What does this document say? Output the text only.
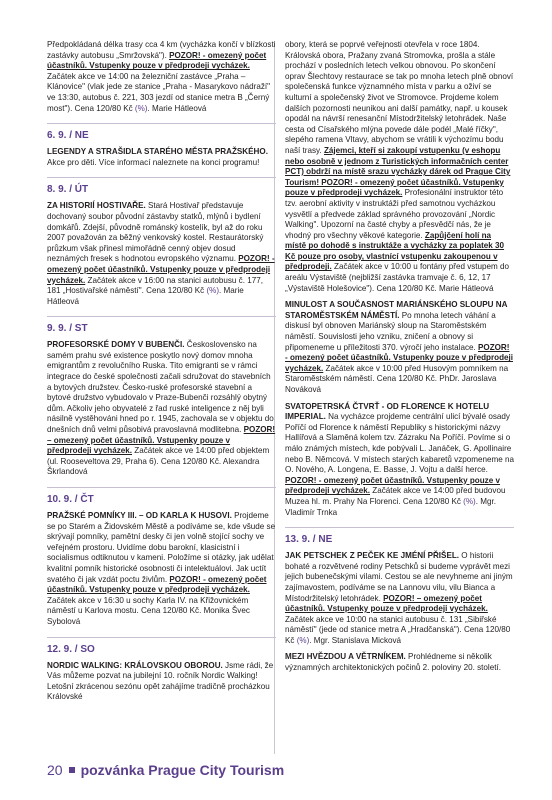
Předpokládaná délka trasy cca 4 km (vycházka končí v blízkosti zastávky autobusu „Smržovská"). POZOR! - omezený počet účastníků. Vstupenky pouze v předprodeji vycházek. Začátek akce ve 14:00 na železniční zastávce „Praha – Klánovice" (vlak jede ze stanice „Praha - Masarykovo nádraží" ve 13:30, autobus č. 221, 303 jezdí od stanice metra B „Černý most"). Cena 120/80 Kč (%). Marie Hátleová

6. 9. / NE

LEGENDY A STRAŠIDLA STARÉHO MĚSTA PRAŽSKÉHO. Akce pro děti. Více informací naleznete na konci programu!

8. 9. / ÚT

ZA HISTORIÍ HOSTIVAŘE. Stará Hostivař představuje dochovaný soubor původní zástavby statků, mlýnů i bydlení domkářů. Zdejší, původně románský kostelík, byl až do roku 2007 považován za běžný venkovský kostel. Restaurátorský průzkum však přinesl mimořádně cenný objev dosud neznámých fresek s hodnotou evropského významu. POZOR! - omezený počet účastníků. Vstupenky pouze v předprodeji vycházek. Začátek akce v 16:00 na stanici autobusu č. 177, 181 „Hostivařské náměstí". Cena 120/80 Kč (%). Marie Hátleová

9. 9. / ST

PROFESORSKÉ DOMY V BUBENČI. Československo na samém prahu své existence poskytlo nový domov mnoha emigrantům z revolučního Ruska. Tito emigranti se v rámci integrace do české společnosti začali sdružovat do stavebních a bytových družstev. Česko-ruské profesorské stavební a bytové družstvo vybudovalo v Praze-Bubenči rozsáhlý obytný dům. Ačkoliv jeho obyvatelé z řad ruské inteligence z něj byli násilně vystěhováni hned po r. 1945, zachovala se v objektu do dnešních dnů velmi působivá pravoslavná modlitebna. POZOR! – omezený počet účastníků. Vstupenky pouze v předprodeji vycházek. Začátek akce ve 14:00 před objektem (ul. Rooseveltova 29, Praha 6). Cena 120/80 Kč. Alexandra Škrlandová

10. 9. / ČT

PRAŽSKÉ POMNÍKY III. – OD KARLA K HUSOVI. Projdeme se po Starém a Židovském Městě a podíváme se, kde všude se skrývají pomníky, pamětní desky či jen volně stojící sochy ve veřejném prostoru. Uvidíme dobu barokní, klasicistní i socialismus odtiknutou v kameni. Položíme si otázky, jak udělat kvalitní pomník historické osobnosti či intelektuálovi. Jak uctít svatého či jak vzdát poctu živlům. POZOR! - omezený počet účastníků. Vstupenky pouze v předprodeji vycházek. Začátek akce v 16:30 u sochy Karla IV. na Křižovnickém náměstí u Karlova mostu. Cena 120/80 Kč. Monika Švec Sybolová

12. 9. / SO

NORDIC WALKING: KRÁLOVSKOU OBOROU. Jsme rádi, že Vás můžeme pozvat na jubilejní 10. ročník Nordic Walking! Letošní zkrácenou sezónu opět zahájíme tradičně procházkou Královské

obory, která se poprvé veřejnosti otevřela v roce 1804. Královská obora, Pražany zvaná Stromovka, prošla a stále prochází v posledních letech velkou obnovou. Po skončení oprav Šlechtovy restaurace se tak po mnoha letech plně obnoví společenská funkce významného místa v parku a oživí se kulturní a společenský život ve Stromovce. Projdeme kolem dalších pozornosti neunikou ani další památky, např. u kousek opodál na návrší renesanční Místodržitelský letohrádek. Naše cesta od Císařského mlýna povede dále podél „Malé říčky", slepého ramena Vltavy, abychom se vrátili k výchozímu bodu naší trasy. Zájemci, kteří si zakoupí vstupenku (v eshopu nebo osobně v jednom z Turistických informačních center PCT) obdrží na místě srazu vycházky dárek od Prague City Tourism! POZOR! - omezený počet účastníků. Vstupenky pouze v předprodeji vycházek. Profesionální instruktor této tzv. aerobní aktivity v instruktáži před samotnou vycházkou vysvětlí a předvede základ správného provozování „Nordic Walking". Upozorní na časté chyby a přesvědčí nás, že je vhodný pro všechny věkové kategorie. Zapůjčení holí na místě po dohodě s instruktáže a vycházky za poplatek 30 Kč pouze pro osoby, vlastnící vstupenku zakoupenou v předprodeji. Začátek akce v 10:00 u fontány před vstupem do areálu Výstaviště (nejbližší zastávka tramvaje č. 6, 12, 17 „Výstaviště Holešovice"). Cena 120/80 Kč. Marie Hátleová

MINULOST A SOUČASNOST MARIÁNSKÉHO SLOUPU NA STAROMĚSTSKÉM NÁMĚSTÍ. Po mnoha letech váhání a diskusí byl obnoven Mariánský sloup na Staroměstském náměstí. Souvislosti jeho vzniku, zničení a obnovy si připomeneme u příležitosti 370. výročí jeho instalace. POZOR! - omezený počet účastníků. Vstupenky pouze v předprodeji vycházek. Začátek akce v 10:00 před Husovým pomníkem na Staroměstském náměstí. Cena 120/80 Kč. PhDr. Jaroslava Nováková

SVATOPETRSKÁ ČTVRŤ - OD FLORENCE K HOTELU IMPERIAL. Na vycházce projdeme centrální ulicí bývalé osady Poříčí od Florence k náměstí Republiky s historickými názvy Hallířová a Slaměná kolem tzv. Zázraku Na Poříčí. Povíme si o málo známých místech, kde pobývali L. Janáček, G. Apollinaire nebo B. Němcová. V místech starých kabaretů vzpomeneme na O. Nového, A. Longena, E. Basse, J. Vojtu a další herce. POZOR! - omezený počet účastníků. Vstupenky pouze v předprodeji vycházek. Začátek akce ve 14:00 před budovou Muzea hl. m. Prahy Na Florenci. Cena 120/80 Kč (%). Mgr. Vladimír Trnka

13. 9. / NE

JAK PETSCHEK Z PEČEK KE JMÉNÍ PŘIŠEL. O historii bohaté a rozvětvené rodiny Petschků si budeme vyprávět mezi jejich bubenečskými vilami. Cestou se ale nevyhneme ani jiným zajímavostem, podíváme se na Lannovu vilu, vilu Bianca a Místodržitelský letohrádek. POZOR! – omezený počet účastníků. Vstupenky pouze v předprodeji vycházek. Začátek akce ve 10:00 na stanici autobusu č. 131 „Sibiřské náměstí" (jede od stanice metra A „Hradčanská"). Cena 120/80 Kč (%). Mgr. Stanislava Micková

MEZI HVĚZDOU A VĚTRNÍKEM. Prohlédneme si několik významných architektonických počinů 2. poloviny 20. století.

20 pozvánka Prague City Tourism
